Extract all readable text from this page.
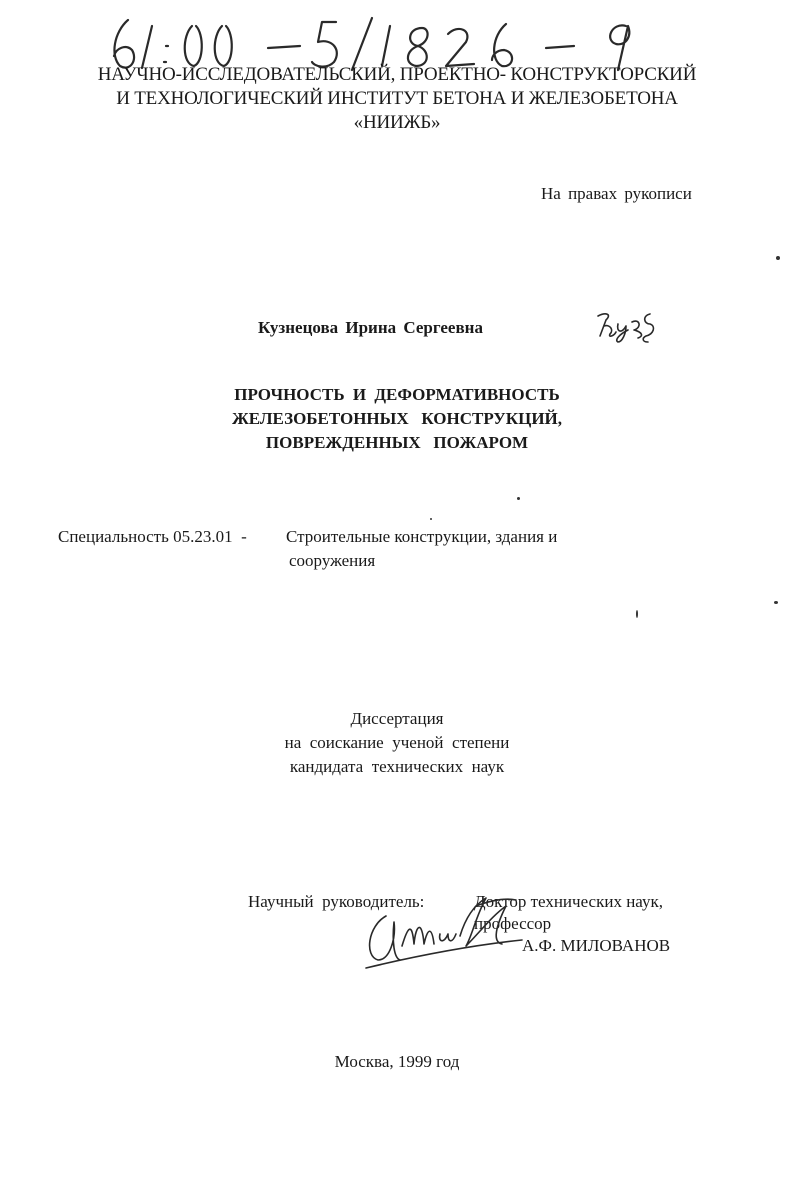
НАУЧНО-ИССЛЕДОВАТЕЛЬСКИЙ, ПРОЕКТНО- КОНСТРУКТОРСКИЙ
И ТЕХНОЛОГИЧЕСКИЙ ИНСТИТУТ БЕТОНА И ЖЕЛЕЗОБЕТОНА
«НИИЖБ»
На правах рукописи
Кузнецова Ирина Сергеевна
ПРОЧНОСТЬ И ДЕФОРМАТИВНОСТЬ
ЖЕЛЕЗОБЕТОННЫХ   КОНСТРУКЦИЙ,
ПОВРЕЖДЕННЫХ   ПОЖАРОМ
Специальность 05.23.01  - Строительные конструкции, здания и
сооружения
Диссертация
на  соискание  ученой  степени
кандидата  технических  наук
Научный  руководитель:	Доктор технических наук,
профессор
А.Ф. МИЛОВАНОВ
Москва, 1999 год
